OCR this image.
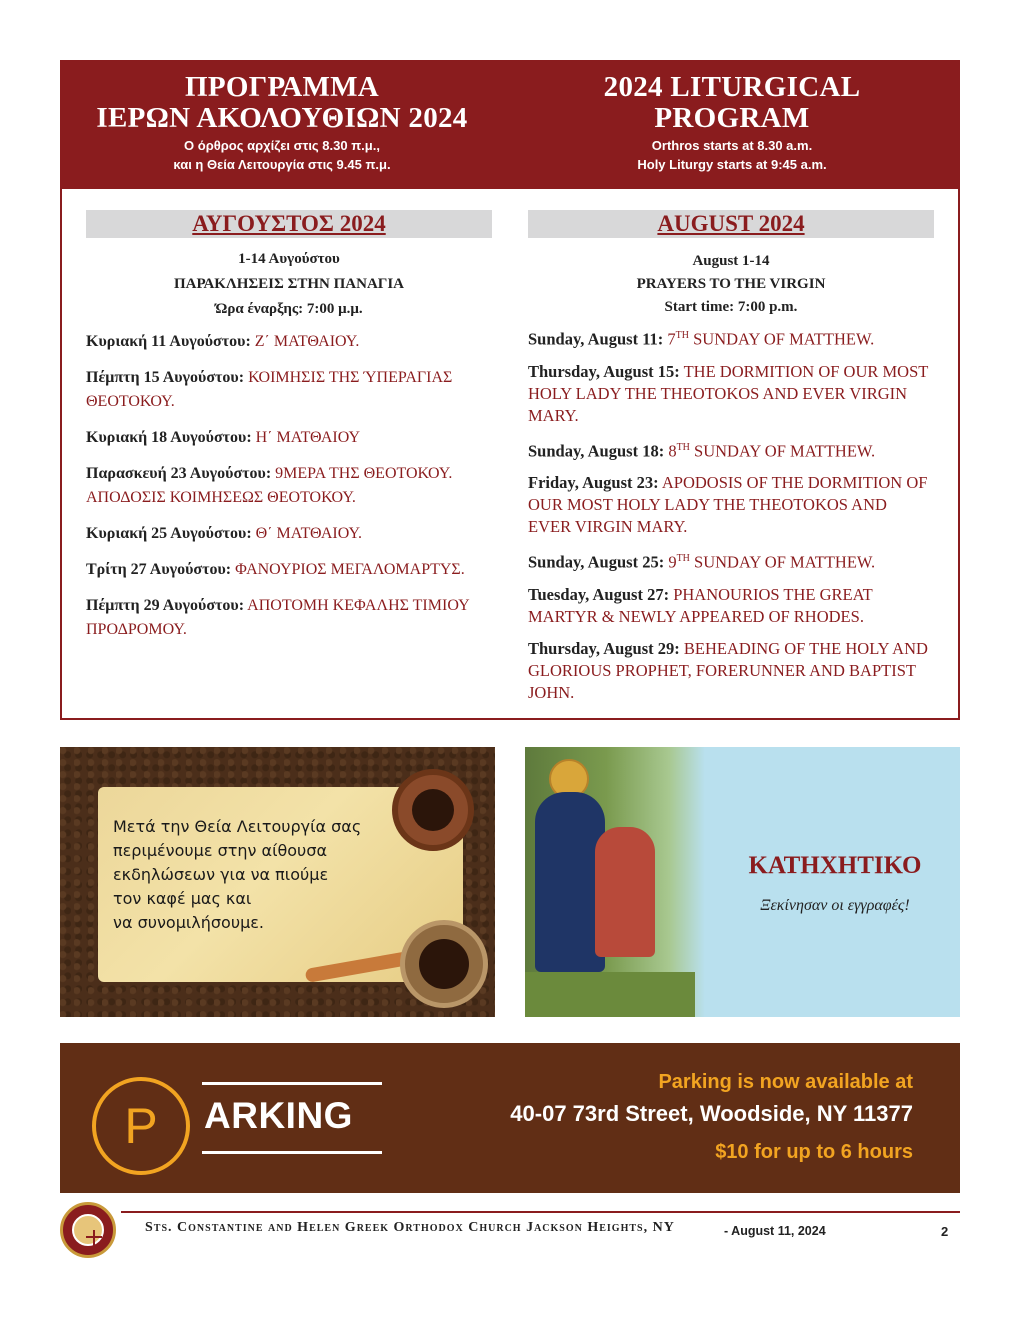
ΠΡΟΓΡΑΜΜΑ
ΙΕΡΩΝ ΑΚΟΛΟΥΘΙΩΝ 2024
Ο όρθρος αρχίζει στις 8.30 π.μ.,
και η Θεία Λειτουργία στις 9.45 π.μ.
2024 LITURGICAL
PROGRAM
Orthros starts at 8.30 a.m.
Holy Liturgy starts at 9:45 a.m.
ΑΥΓΟΥΣΤΟΣ 2024
1-14 Αυγούστου
ΠΑΡΑΚΛΗΣΕΙΣ ΣΤΗΝ ΠΑΝΑΓΙΑ
Ώρα έναρξης: 7:00 μ.μ.
Κυριακή 11 Αυγούστου: Ζ΄ ΜΑΤΘΑΙΟΥ.
Πέμπτη 15 Αυγούστου: ΚΟΙΜΗΣΙΣ ΤΗΣ ΎΠΕΡΑΓΙΑΣ ΘΕΟΤΟΚΟΥ.
Κυριακή 18 Αυγούστου: Η΄ ΜΑΤΘΑΙΟΥ
Παρασκευή 23 Αυγούστου: 9ΜΕΡΑ ΤΗΣ ΘΕΟΤΟΚΟΥ. ΑΠΟΔΟΣΙΣ ΚΟΙΜΗΣΕΩΣ ΘΕΟΤΟΚΟΥ.
Κυριακή 25 Αυγούστου: Θ΄ ΜΑΤΘΑΙΟΥ.
Τρίτη 27 Αυγούστου: ΦΑΝΟΥΡΙΟΣ ΜΕΓΑΛΟΜΑΡΤΥΣ.
Πέμπτη 29 Αυγούστου: ΑΠΟΤΟΜΗ ΚΕΦΑΛΗΣ ΤΙΜΙΟΥ ΠΡΟΔΡΟΜΟΥ.
AUGUST 2024
August 1-14
PRAYERS TO THE VIRGIN
Start time: 7:00 p.m.
Sunday, August 11: 7TH SUNDAY OF MATTHEW.
Thursday, August 15: THE DORMITION OF OUR MOST HOLY LADY THE THEOTOKOS AND EVER VIRGIN MARY.
Sunday, August 18: 8TH SUNDAY OF MATTHEW.
Friday, August 23: APODOSIS OF THE DORMITION OF OUR MOST HOLY LADY THE THEOTOKOS AND EVER VIRGIN MARY.
Sunday, August 25: 9TH SUNDAY OF MATTHEW.
Tuesday, August 27: PHANOURIOS THE GREAT MARTYR & NEWLY APPEARED OF RHODES.
Thursday, August 29: BEHEADING OF THE HOLY AND GLORIOUS PROPHET, FORERUNNER AND BAPTIST JOHN.
Μετά την Θεία Λειτουργία σας
περιμένουμε στην αίθουσα
εκδηλώσεων για να πιούμε
τον καφέ μας και
να συνομιλήσουμε.
ΚΑΤΗΧΗΤΙΚΟ
Ξεκίνησαν οι εγγραφές!
P	ARKING
Parking is now available at
40-07 73rd Street, Woodside, NY 11377
$10 for up to 6 hours
Sts. Constantine and Helen Greek Orthodox Church Jackson Heights, NY	- August 11, 2024	2
